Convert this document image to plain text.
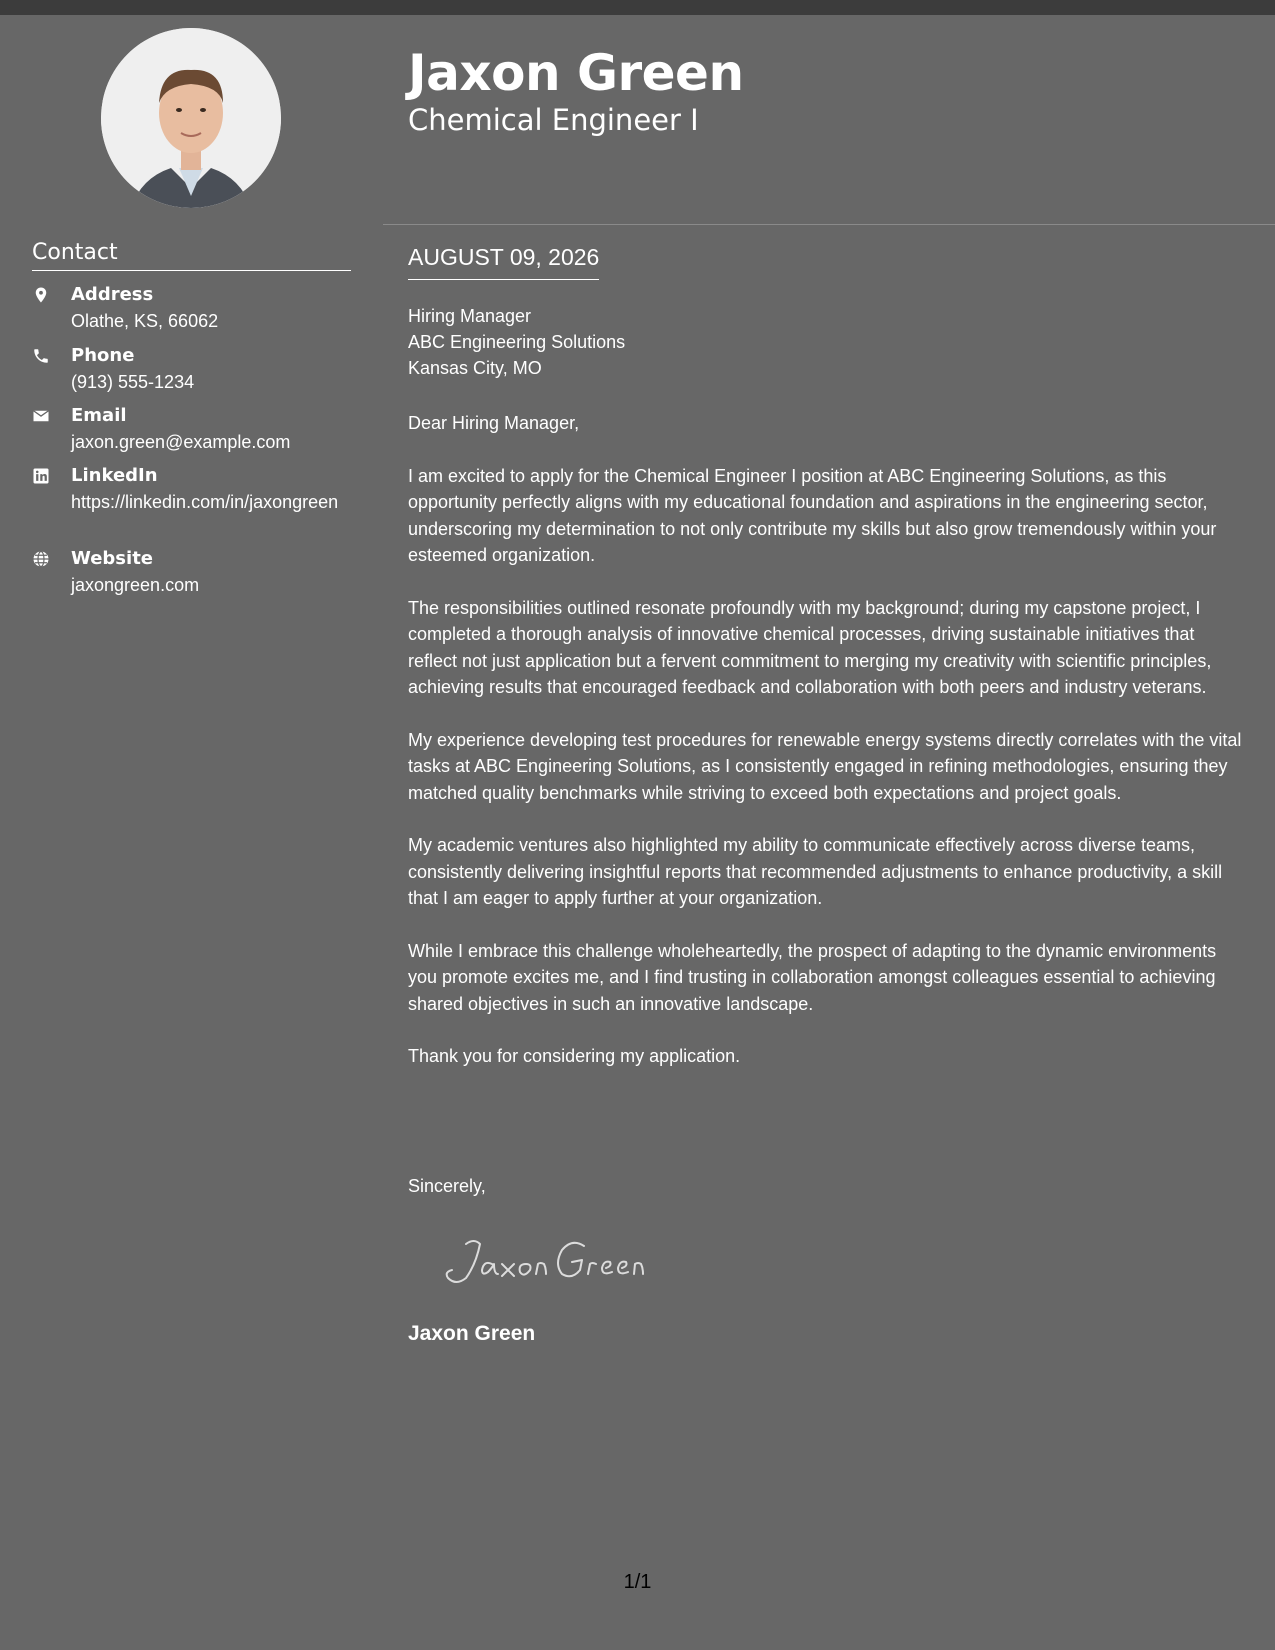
Contact
Address
Olathe, KS, 66062
Phone
(913) 555-1234
Email
jaxon.green@example.com
LinkedIn
https://linkedin.com/in/jaxongreen
Website
jaxongreen.com
Jaxon Green
Chemical Engineer I
AUGUST 09, 2026
Hiring Manager
ABC Engineering Solutions
Kansas City, MO

Dear Hiring Manager,

I am excited to apply for the Chemical Engineer I position at ABC Engineering Solutions, as this opportunity perfectly aligns with my educational foundation and aspirations in the engineering sector, underscoring my determination to not only contribute my skills but also grow tremendously within your esteemed organization.

The responsibilities outlined resonate profoundly with my background; during my capstone project, I completed a thorough analysis of innovative chemical processes, driving sustainable initiatives that reflect not just application but a fervent commitment to merging my creativity with scientific principles, achieving results that encouraged feedback and collaboration with both peers and industry veterans.

My experience developing test procedures for renewable energy systems directly correlates with the vital tasks at ABC Engineering Solutions, as I consistently engaged in refining methodologies, ensuring they matched quality benchmarks while striving to exceed both expectations and project goals.

My academic ventures also highlighted my ability to communicate effectively across diverse teams, consistently delivering insightful reports that recommended adjustments to enhance productivity, a skill that I am eager to apply further at your organization.

While I embrace this challenge wholeheartedly, the prospect of adapting to the dynamic environments you promote excites me, and I find trusting in collaboration amongst colleagues essential to achieving shared objectives in such an innovative landscape.

Thank you for considering my application.

Sincerely,
Jaxon Green
1/1
